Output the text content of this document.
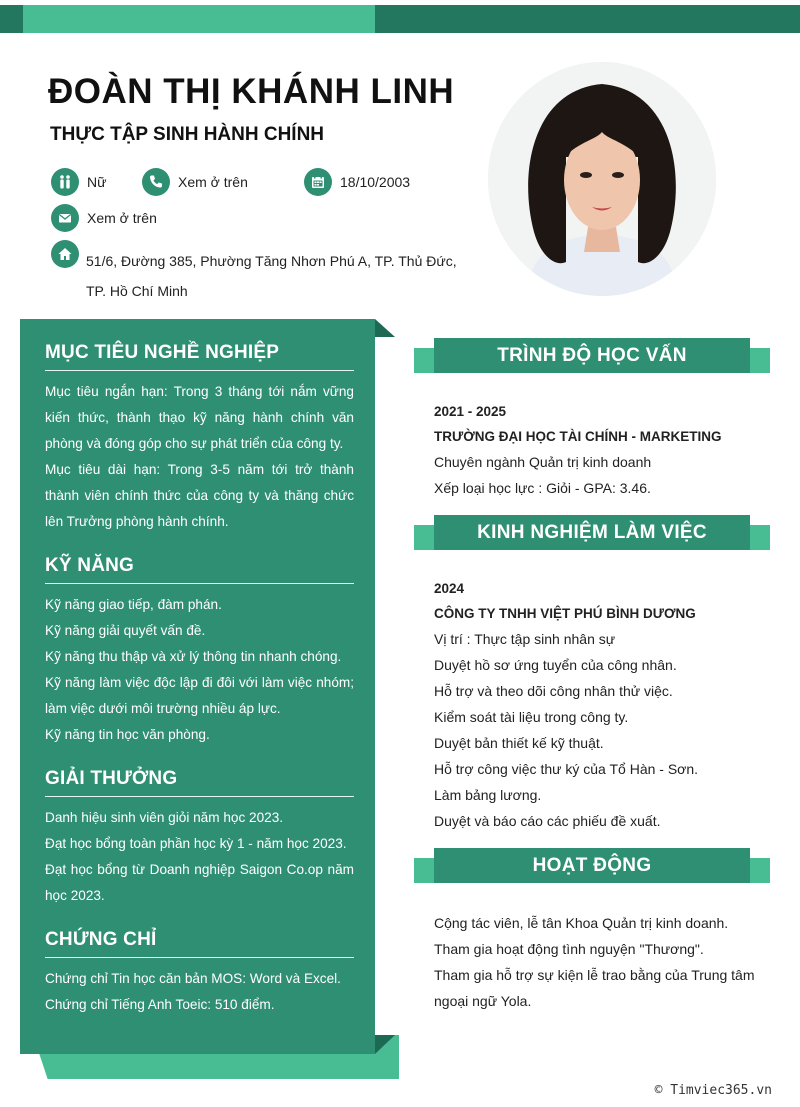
ĐOÀN THỊ KHÁNH LINH
THỰC TẬP SINH HÀNH CHÍNH
Nữ	Xem ở trên	18/10/2003
Xem ở trên
51/6, Đường 385, Phường Tăng Nhơn Phú A, TP. Thủ Đức, TP. Hồ Chí Minh
MỤC TIÊU NGHỀ NGHIỆP

Mục tiêu ngắn hạn: Trong 3 tháng tới nắm vững kiến thức, thành thạo kỹ năng hành chính văn phòng và đóng góp cho sự phát triển của công ty.

Mục tiêu dài hạn: Trong 3-5 năm tới trở thành thành viên chính thức của công ty và thăng chức lên Trưởng phòng hành chính.

KỸ NĂNG

Kỹ năng giao tiếp, đàm phán.

Kỹ năng giải quyết vấn đề.

Kỹ năng thu thập và xử lý thông tin nhanh chóng.

Kỹ năng làm việc độc lập đi đôi với làm việc nhóm; làm việc dưới môi trường nhiều áp lực.

Kỹ năng tin học văn phòng.

GIẢI THƯỞNG

Danh hiệu sinh viên giỏi năm học 2023.

Đạt học bổng toàn phần học kỳ 1 - năm học 2023.

Đạt học bổng từ Doanh nghiệp Saigon Co.op năm học 2023.

CHỨNG CHỈ

Chứng chỉ Tin học căn bản MOS: Word và Excel.

Chứng chỉ Tiếng Anh Toeic: 510 điểm.

TRÌNH ĐỘ HỌC VẤN
2021 - 2025
TRƯỜNG ĐẠI HỌC TÀI CHÍNH - MARKETING
Chuyên ngành Quản trị kinh doanh
Xếp loại học lực : Giỏi - GPA: 3.46.
KINH NGHIỆM LÀM VIỆC
2024
CÔNG TY TNHH VIỆT PHÚ BÌNH DƯƠNG
Vị trí : Thực tập sinh nhân sự
Duyệt hồ sơ ứng tuyển của công nhân.
Hỗ trợ và theo dõi công nhân thử việc.
Kiểm soát tài liệu trong công ty.
Duyệt bản thiết kế kỹ thuật.
Hỗ trợ công việc thư ký của Tổ Hàn - Sơn.
Làm bảng lương.
Duyệt và báo cáo các phiếu đề xuất.
HOẠT ĐỘNG
Cộng tác viên, lễ tân Khoa Quản trị kinh doanh.
Tham gia hoạt động tình nguyện "Thương".
Tham gia hỗ trợ sự kiện lễ trao bằng của Trung tâm ngoại ngữ Yola.
© Timviec365.vn
